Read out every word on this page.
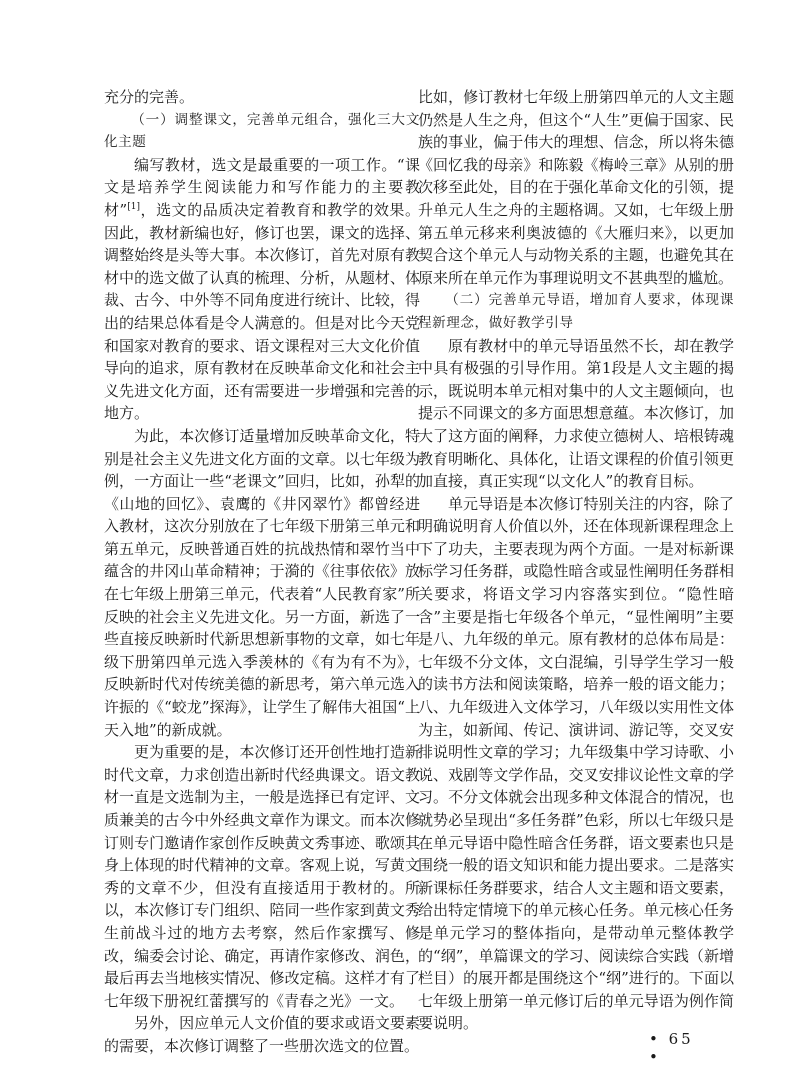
充分的完善。

（一）调整课文，完善单元组合，强化三大文化主题

编写教材，选文是最重要的一项工作。“课文是培养学生阅读能力和写作能力的主要教材”[1]，选文的品质决定着教育和教学的效果。因此，教材新编也好，修订也罢，课文的选择、调整始终是头等大事。本次修订，首先对原有教材中的选文做了认真的梳理、分析，从题材、体裁、古今、中外等不同角度进行统计、比较，得出的结果总体看是令人满意的。但是对比今天党和国家对教育的要求、语文课程对三大文化价值导向的追求，原有教材在反映革命文化和社会主义先进文化方面，还有需要进一步增强和完善的地方。

为此，本次修订适量增加反映革命文化，特别是社会主义先进文化方面的文章。以七年级为例，一方面让一些“老课文”回归，比如，孙犁的《山地的回忆》、袁鹰的《井冈翠竹》都曾经进入教材，这次分别放在了七年级下册第三单元和第五单元，反映普通百姓的抗战热情和翠竹当中蕴含的井冈山革命精神；于漪的《往事依依》放在七年级上册第三单元，代表着“人民教育家”所反映的社会主义先进文化。另一方面，新选了一些直接反映新时代新思想新事物的文章，如七年级下册第四单元选入季羡林的《有为有不为》，反映新时代对传统美德的新思考，第六单元选入许振的《“蛟龙”探海》，让学生了解伟大祖国“上天入地”的新成就。

更为重要的是，本次修订还开创性地打造新时代文章，力求创造出新时代经典课文。语文教材一直是文选制为主，一般是选择已有定评、文质兼美的古今中外经典文章作为课文。而本次修订则专门邀请作家创作反映黄文秀事迹、歌颂其身上体现的时代精神的文章。客观上说，写黄文秀的文章不少，但没有直接适用于教材的。所以，本次修订专门组织、陪同一些作家到黄文秀生前战斗过的地方去考察，然后作家撰写、修改，编委会讨论、确定，再请作家修改、润色，最后再去当地核实情况、修改定稿。这样才有了七年级下册祝红蕾撰写的《青春之光》一文。

另外，因应单元人文价值的要求或语文要素的需要，本次修订调整了一些册次选文的位置。

比如，修订教材七年级上册第四单元的人文主题仍然是人生之舟，但这个“人生”更偏于国家、民族的事业，偏于伟大的理想、信念，所以将朱德《回忆我的母亲》和陈毅《梅岭三章》从别的册次移至此处，目的在于强化革命文化的引领，提升单元人生之舟的主题格调。又如，七年级上册第五单元移来利奥波德的《大雁归来》，以更加契合这个单元人与动物关系的主题，也避免其在原来所在单元作为事理说明文不甚典型的尴尬。

（二）完善单元导语，增加育人要求，体现课程新理念，做好教学引导

原有教材中的单元导语虽然不长，却在教学中具有极强的引导作用。第1段是人文主题的揭示，既说明本单元相对集中的人文主题倾向，也提示不同课文的多方面思想意蕴。本次修订，加大了这方面的阐释，力求使立德树人、培根铸魂教育明晰化、具体化，让语文课程的价值引领更加直接，真正实现“以文化人”的教育目标。

单元导语是本次修订特别关注的内容，除了明确说明育人价值以外，还在体现新课程理念上下了功夫，主要表现为两个方面。一是对标新课标学习任务群，或隐性暗含或显性阐明任务群相关要求，将语文学习内容落实到位。“隐性暗含”主要是指七年级各个单元，“显性阐明”主要是八、九年级的单元。原有教材的总体布局是：七年级不分文体，文白混编，引导学生学习一般的读书方法和阅读策略，培养一般的语文能力；八、九年级进入文体学习，八年级以实用性文体为主，如新闻、传记、演讲词、游记等，交叉安排说明性文章的学习；九年级集中学习诗歌、小说、戏剧等文学作品，交叉安排议论性文章的学习。不分文体就会出现多种文体混合的情况，也就势必呈现出“多任务群”色彩，所以七年级只是在单元导语中隐性暗含任务群，语文要素也只是围绕一般的语文知识和能力提出要求。二是落实新课标任务群要求，结合人文主题和语文要素，给出特定情境下的单元核心任务。单元核心任务是单元学习的整体指向，是带动单元整体教学的“纲”，单篇课文的学习、阅读综合实践（新增栏目）的展开都是围绕这个“纲”进行的。下面以七年级上册第一单元修订后的单元导语为例作简要说明。

• 65 •
